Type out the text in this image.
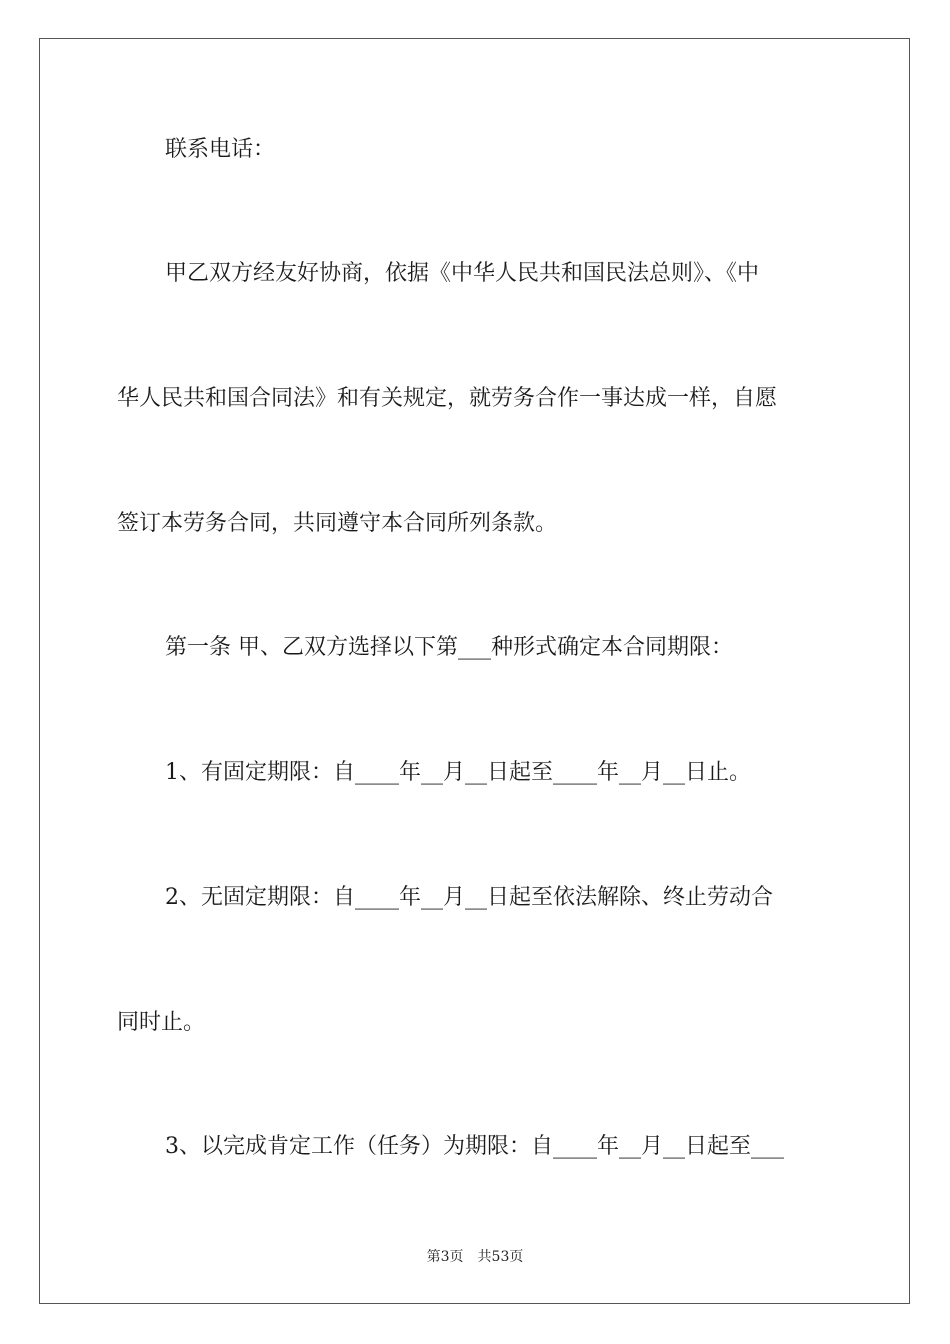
联系电话：
甲乙双方经友好协商，依据《中华人民共和国民法总则》、《中
华人民共和国合同法》和有关规定，就劳务合作一事达成一样，自愿
签订本劳务合同，共同遵守本合同所列条款。
第一条 甲、乙双方选择以下第___种形式确定本合同期限：
1、有固定期限：自____年__月__日起至____年__月__日止。
2、无固定期限：自____年__月__日起至依法解除、终止劳动合
同时止。
3、以完成肯定工作（任务）为期限：自____年__月__日起至___
第3页　共53页
